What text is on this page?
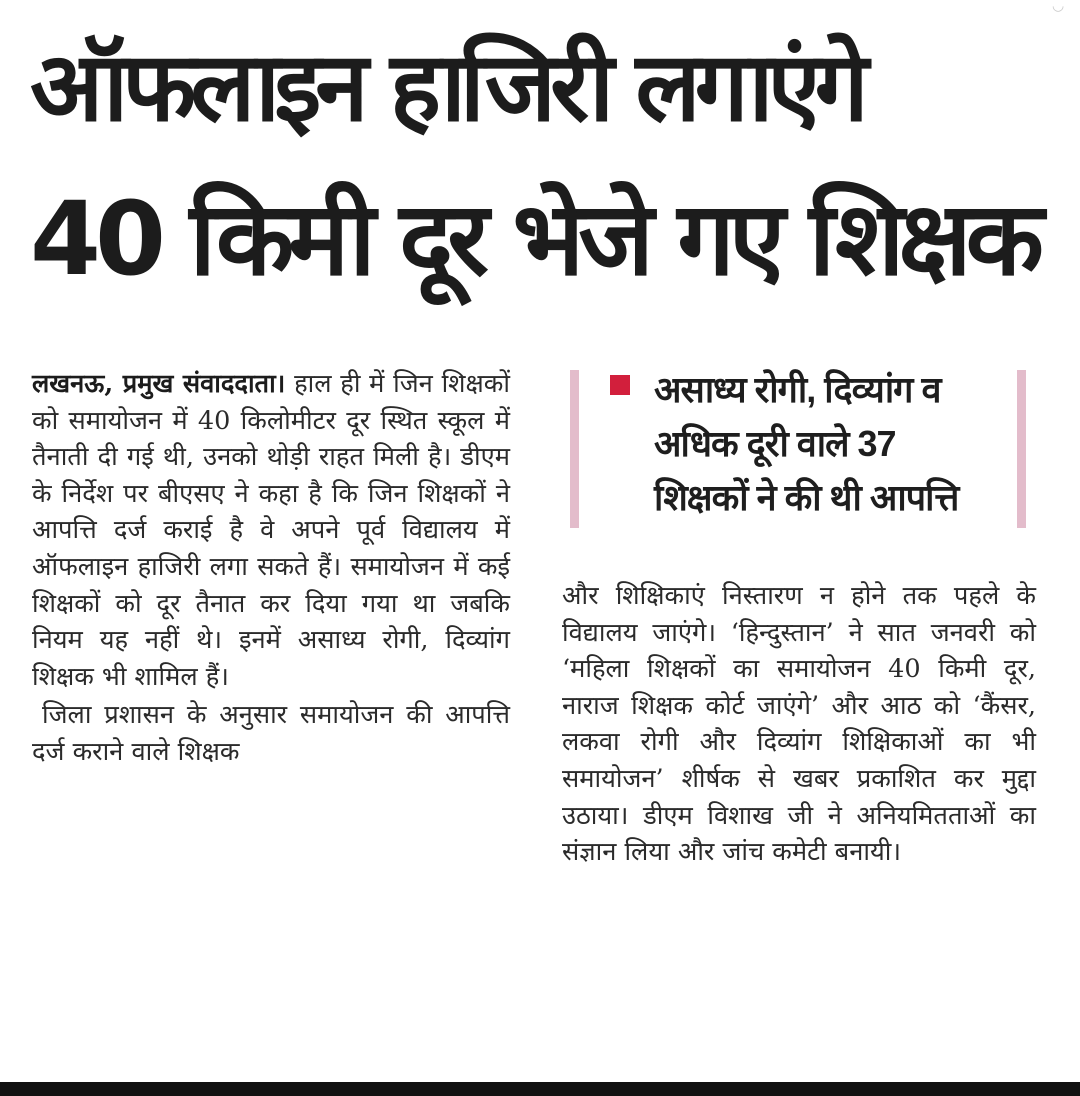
ऑफलाइन हाजिरी लगाएंगे
40 किमी दूर भेजे गए शिक्षक
असाध्य रोगी, दिव्यांग व
अधिक दूरी वाले 37
शिक्षकों ने की थी आपत्ति

लखनऊ, प्रमुख संवाददाता। हाल ही में जिन शिक्षकों को समायोजन में 40 किलोमीटर दूर स्थित स्कूल में तैनाती दी गई थी, उनको थोड़ी राहत मिली है। डीएम के निर्देश पर बीएसए ने कहा है कि जिन शिक्षकों ने आपत्ति दर्ज कराई है वे अपने पूर्व विद्यालय में ऑफलाइन हाजिरी लगा सकते हैं। समायोजन में कई शिक्षकों को दूर तैनात कर दिया गया था जबकि नियम यह नहीं थे। इनमें असाध्य रोगी, दिव्यांग शिक्षक भी शामिल हैं।

जिला प्रशासन के अनुसार समायोजन की आपत्ति दर्ज कराने वाले शिक्षक

और शिक्षिकाएं निस्तारण न होने तक पहले के विद्यालय जाएंगे। ‘हिन्दुस्तान’ ने सात जनवरी को ‘महिला शिक्षकों का समायोजन 40 किमी दूर, नाराज शिक्षक कोर्ट जाएंगे’ और आठ को ‘कैंसर, लकवा रोगी और दिव्यांग शिक्षिकाओं का भी समायोजन’ शीर्षक से खबर प्रकाशित कर मुद्दा उठाया। डीएम विशाख जी ने अनियमितताओं का संज्ञान लिया और जांच कमेटी बनायी।

◡
